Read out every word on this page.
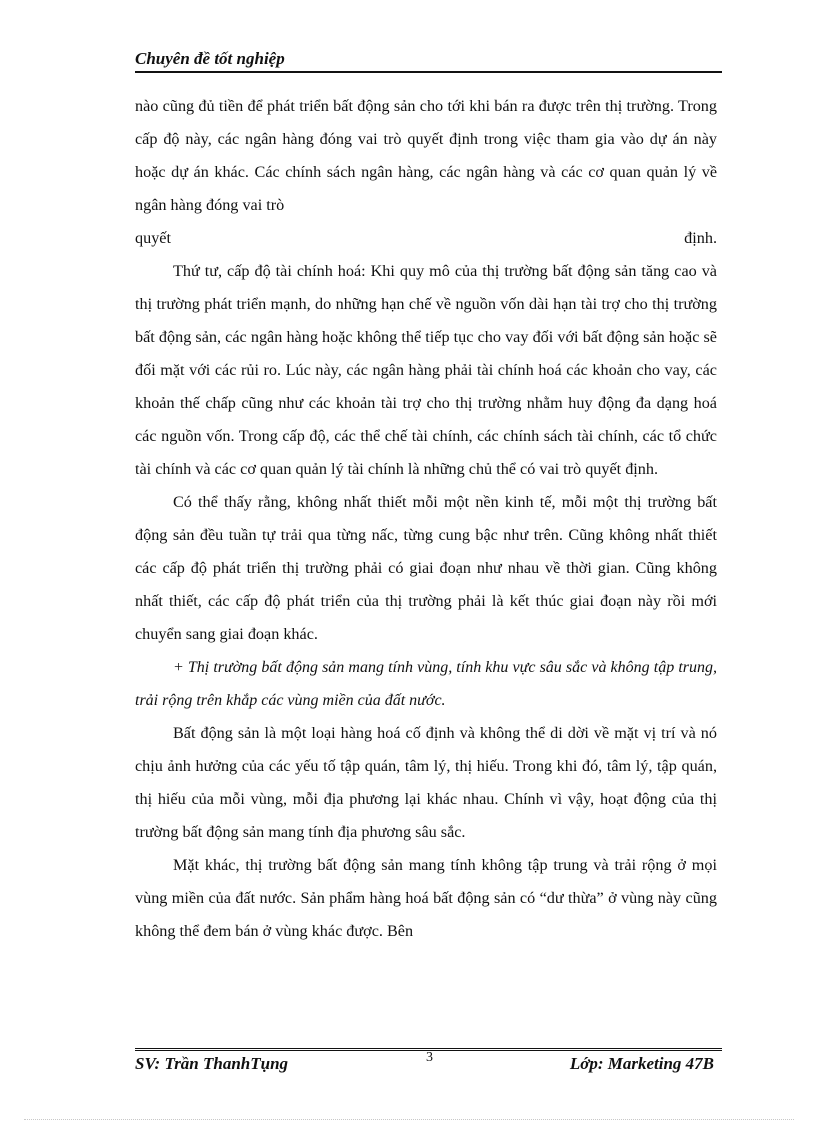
Chuyên đề tốt nghiệp

nào cũng đủ tiền để phát triển bất động sản cho tới khi bán ra được trên thị trường. Trong cấp độ này, các ngân hàng đóng vai trò quyết định trong việc tham gia vào dự án này hoặc dự án khác. Các chính sách ngân hàng, các ngân hàng và các cơ quan quản lý về ngân hàng đóng vai trò

quyết	định.

Thứ tư, cấp độ tài chính hoá: Khi quy mô của thị trường bất động sản tăng cao và thị trường phát triển mạnh, do những hạn chế về nguồn vốn dài hạn tài trợ cho thị trường bất động sản, các ngân hàng hoặc không thể tiếp tục cho vay đối với bất động sản hoặc sẽ đối mặt với các rủi ro. Lúc này, các ngân hàng phải tài chính hoá các khoản cho vay, các khoản thế chấp cũng như các khoản tài trợ cho thị trường nhằm huy động đa dạng hoá các nguồn vốn. Trong cấp độ, các thể chế tài chính, các chính sách tài chính, các tổ chức tài chính và các cơ quan quản lý tài chính là những chủ thể có vai trò quyết định.

Có thể thấy rằng, không nhất thiết mỗi một nền kinh tế, mỗi một thị trường bất động sản đều tuần tự trải qua từng nấc, từng cung bậc như trên. Cũng không nhất thiết các cấp độ phát triển thị trường phải có giai đoạn như nhau về thời gian. Cũng không nhất thiết, các cấp độ phát triển của thị trường phải là kết thúc giai đoạn này rồi mới chuyển sang giai đoạn khác.

+ Thị trường bất động sản mang tính vùng, tính khu vực sâu sắc và không tập trung, trải rộng trên khắp các vùng miền của đất nước.

Bất động sản là một loại hàng hoá cố định và không thể di dời về mặt vị trí và nó chịu ảnh hưởng của các yếu tố tập quán, tâm lý, thị hiếu. Trong khi đó, tâm lý, tập quán, thị hiếu của mỗi vùng, mỗi địa phương lại khác nhau. Chính vì vậy, hoạt động của thị trường bất động sản mang tính địa phương sâu sắc.

Mặt khác, thị trường bất động sản mang tính không tập trung và trải rộng ở mọi vùng miền của đất nước. Sản phẩm hàng hoá bất động sản có “dư thừa” ở vùng này cũng không thể đem bán ở vùng khác được. Bên

SV: Trần ThanhTụng	3	Lớp: Marketing 47B
